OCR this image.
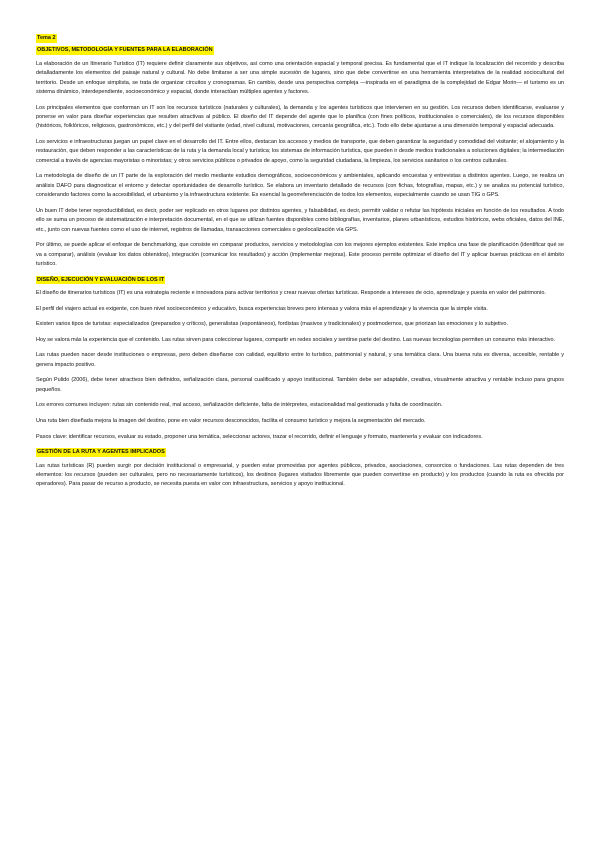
Tema 2

OBJETIVOS, METODOLOGÍA Y FUENTES PARA LA ELABORACIÓN

La elaboración de un Itinerario Turístico (IT) requiere definir claramente sus objetivos, así como una orientación espacial y temporal precisa. Es fundamental que el IT indique la localización del recorrido y describa detalladamente los elementos del paisaje natural y cultural. No debe limitarse a ser una simple sucesión de lugares, sino que debe convertirse en una herramienta interpretativa de la realidad sociocultural del territorio. Desde un enfoque simplista, se trata de organizar circuitos y cronogramas. En cambio, desde una perspectiva compleja —inspirada en el paradigma de la complejidad de Edgar Morin— el turismo es un sistema dinámico, interdependiente, socioeconómico y espacial, donde interactúan múltiples agentes y factores.

Los principales elementos que conforman un IT son los recursos turísticos (naturales y culturales), la demanda y los agentes turísticos que intervienen en su gestión. Los recursos deben identificarse, evaluarse y ponerse en valor para diseñar experiencias que resulten atractivas al público. El diseño del IT depende del agente que lo planifica (con fines políticos, institucionales o comerciales), de los recursos disponibles (históricos, folklóricos, religiosos, gastronómicos, etc.) y del perfil del visitante (edad, nivel cultural, motivaciones, cercanía geográfica, etc.). Todo ello debe ajustarse a una dimensión temporal y espacial adecuada.

Los servicios e infraestructuras juegan un papel clave en el desarrollo del IT. Entre ellos, destacan los accesos y medios de transporte, que deben garantizar la seguridad y comodidad del visitante; el alojamiento y la restauración, que deben responder a las características de la ruta y la demanda local y turística; los sistemas de información turística, que pueden ir desde medios tradicionales a soluciones digitales; la intermediación comercial a través de agencias mayoristas o minoristas; y otros servicios públicos o privados de apoyo, como la seguridad ciudadana, la limpieza, los servicios sanitarios o los centros culturales.

La metodología de diseño de un IT parte de la exploración del medio mediante estudios demográficos, socioeconómicos y ambientales, aplicando encuestas y entrevistas a distintos agentes. Luego, se realiza un análisis DAFO para diagnosticar el entorno y detectar oportunidades de desarrollo turístico. Se elabora un inventario detallado de recursos (con fichas, fotografías, mapas, etc.) y se analiza su potencial turístico, considerando factores como la accesibilidad, el urbanismo y la infraestructura existente. Es esencial la georreferenciación de todos los elementos, especialmente cuando se usan TIG o GPS.

Un buen IT debe tener reproductibilidad, es decir, poder ser replicado en otros lugares por distintos agentes, y falsabilidad, es decir, permitir validar o refutar las hipótesis iniciales en función de los resultados. A todo ello se suma un proceso de sistematización e interpretación documental, en el que se utilizan fuentes disponibles como bibliografías, inventarios, planes urbanísticos, estudios históricos, webs oficiales, datos del INE, etc., junto con nuevas fuentes como el uso de internet, registros de llamadas, transacciones comerciales o geolocalización vía GPS.

Por último, se puede aplicar el enfoque de benchmarking, que consiste en comparar productos, servicios y metodologías con los mejores ejemplos existentes. Este implica una fase de planificación (identificar qué se va a comparar), análisis (evaluar los datos obtenidos), integración (comunicar los resultados) y acción (implementar mejoras). Este proceso permite optimizar el diseño del IT y aplicar buenas prácticas en el ámbito turístico.

DISEÑO, EJECUCIÓN Y EVALUACIÓN DE LOS IT

El diseño de itinerarios turísticos (IT) es una estrategia reciente e innovadora para activar territorios y crear nuevas ofertas turísticas. Responde a intereses de ocio, aprendizaje y puesta en valor del patrimonio.

El perfil del viajero actual es exigente, con buen nivel socioeconómico y educativo, busca experiencias breves pero intensas y valora más el aprendizaje y la vivencia que la simple visita.

Existen varios tipos de turistas: especializados (preparados y críticos), generalistas (espontáneos), fordistas (masivos y tradicionales) y postmodernos, que priorizan las emociones y lo subjetivo.

Hoy se valora más la experiencia que el contenido. Las rutas sirven para coleccionar lugares, compartir en redes sociales y sentirse parte del destino. Las nuevas tecnologías permiten un consumo más interactivo.

Las rutas pueden nacer desde instituciones o empresas, pero deben diseñarse con calidad, equilibrio entre lo turístico, patrimonial y natural, y una temática clara. Una buena ruta es diversa, accesible, rentable y genera impacto positivo.

Según Pulido (2006), debe tener atractivos bien definidos, señalización clara, personal cualificado y apoyo institucional. También debe ser adaptable, creativa, visualmente atractiva y rentable incluso para grupos pequeños.

Los errores comunes incluyen: rutas sin contenido real, mal acceso, señalización deficiente, falta de intérpretes, estacionalidad mal gestionada y falta de coordinación.

Una ruta bien diseñada mejora la imagen del destino, pone en valor recursos desconocidos, facilita el consumo turístico y mejora la segmentación del mercado.

Pasos clave: identificar recursos, evaluar su estado, proponer una temática, seleccionar actores, trazar el recorrido, definir el lenguaje y formato, mantenerla y evaluar con indicadores.

GESTIÓN DE LA RUTA Y AGENTES IMPLICADOS

Las rutas turísticas (R) pueden surgir por decisión institucional o empresarial, y pueden estar promovidas por agentes públicos, privados, asociaciones, consorcios o fundaciones. Las rutas dependen de tres elementos: los recursos (pueden ser culturales, pero no necesariamente turísticos), los destinos (lugares visitados libremente que pueden convertirse en producto) y los productos (cuando la ruta es ofrecida por operadores). Para pasar de recurso a producto, se necesita puesta en valor con infraestructura, servicios y apoyo institucional.
